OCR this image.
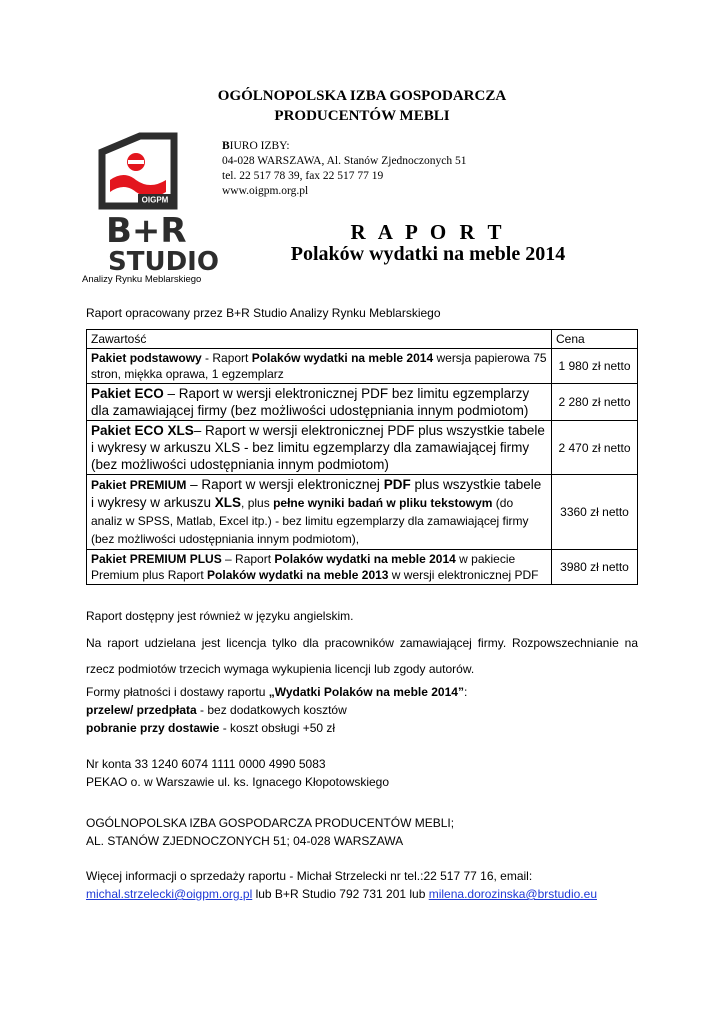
OGÓLNOPOLSKA IZBA GOSPODARCZA
PRODUCENTÓW MEBLI
OIGPM
B+R
STUDIO
Analizy Rynku Meblarskiego
BIURO IZBY:
04-028 WARSZAWA, Al. Stanów Zjednoczonych 51
tel. 22 517 78 39, fax 22 517 77 19
www.oigpm.org.pl
R A P O R T
Polaków wydatki na meble 2014
Raport opracowany przez B+R Studio Analizy Rynku Meblarskiego
Zawartość	Cena
Pakiet podstawowy - Raport Polaków wydatki na meble 2014 wersja papierowa 75 stron, miękka oprawa, 1 egzemplarz	1 980 zł netto
Pakiet ECO – Raport w wersji elektronicznej PDF bez limitu egzemplarzy dla zamawiającej firmy (bez możliwości udostępniania innym podmiotom)	2 280 zł netto
Pakiet ECO XLS– Raport w wersji elektronicznej PDF plus wszystkie tabele i wykresy w arkuszu XLS - bez limitu egzemplarzy dla zamawiającej firmy (bez możliwości udostępniania innym podmiotom)	2 470 zł netto
Pakiet PREMIUM – Raport w wersji elektronicznej PDF plus wszystkie tabele i wykresy w arkuszu XLS, plus pełne wyniki badań w pliku tekstowym (do analiz w SPSS, Matlab, Excel itp.) - bez limitu egzemplarzy dla zamawiającej firmy (bez możliwości udostępniania innym podmiotom),	3360 zł netto
Pakiet PREMIUM PLUS – Raport Polaków wydatki na meble 2014 w pakiecie Premium plus Raport Polaków wydatki na meble 2013 w wersji elektronicznej PDF	3980 zł netto
Raport dostępny jest również w języku angielskim.
Na raport udzielana jest licencja tylko dla pracowników zamawiającej firmy. Rozpowszechnianie na rzecz podmiotów trzecich wymaga wykupienia licencji lub zgody autorów.
Formy płatności i dostawy raportu „Wydatki Polaków na meble 2014”:
przelew/ przedpłata - bez dodatkowych kosztów
pobranie przy dostawie - koszt obsługi +50 zł
Nr konta 33 1240 6074 1111 0000 4990 5083
PEKAO o. w Warszawie ul. ks. Ignacego Kłopotowskiego
OGÓLNOPOLSKA IZBA GOSPODARCZA PRODUCENTÓW MEBLI;
AL. STANÓW ZJEDNOCZONYCH 51; 04-028 WARSZAWA
Więcej informacji o sprzedaży raportu - Michał Strzelecki nr tel.:22 517 77 16, email:
michal.strzelecki@oigpm.org.pl lub B+R Studio 792 731 201 lub milena.dorozinska@brstudio.eu
